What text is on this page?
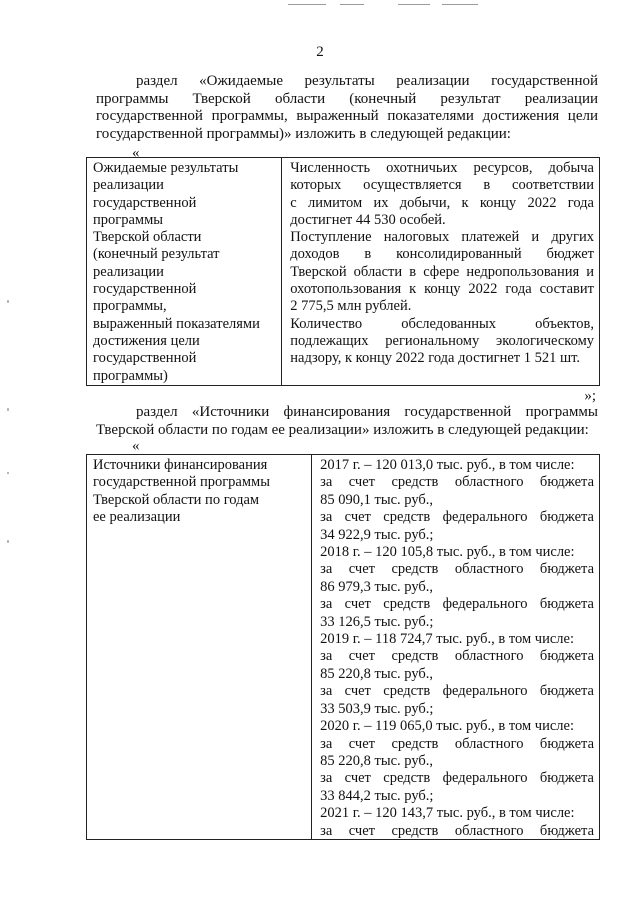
2
раздел «Ожидаемые результаты реализации государственной
программы Тверской области (конечный результат реализации
государственной программы, выраженный показателями достижения цели
государственной программы)» изложить в следующей редакции:
«
Ожидаемые результаты
реализации
государственной
программы
Тверской области
(конечный результат
реализации
государственной
программы,
выраженный показателями
достижения цели
государственной
программы)
Численность охотничьих ресурсов, добыча
которых осуществляется в соответствии
с лимитом их добычи, к концу 2022 года
достигнет 44 530 особей.
Поступление налоговых платежей и других
доходов в консолидированный бюджет
Тверской области в сфере недропользования и
охотопользования к концу 2022 года составит
2 775,5 млн рублей.
Количество обследованных объектов,
подлежащих региональному экологическому
надзору, к концу 2022 года достигнет 1 521 шт.
»;
раздел «Источники финансирования государственной программы
Тверской области по годам ее реализации» изложить в следующей редакции:
«
Источники финансирования
государственной программы
Тверской области по годам
ее реализации
2017 г. – 120 013,0 тыс. руб., в том числе:
за счет средств областного бюджета
85 090,1 тыс. руб.,
за счет средств федерального бюджета
34 922,9 тыс. руб.;
2018 г. – 120 105,8 тыс. руб., в том числе:
за счет средств областного бюджета
86 979,3 тыс. руб.,
за счет средств федерального бюджета
33 126,5 тыс. руб.;
2019 г. – 118 724,7 тыс. руб., в том числе:
за счет средств областного бюджета
85 220,8 тыс. руб.,
за счет средств федерального бюджета
33 503,9 тыс. руб.;
2020 г. – 119 065,0 тыс. руб., в том числе:
за счет средств областного бюджета
85 220,8 тыс. руб.,
за счет средств федерального бюджета
33 844,2 тыс. руб.;
2021 г. – 120 143,7 тыс. руб., в том числе:
за счет средств областного бюджета
